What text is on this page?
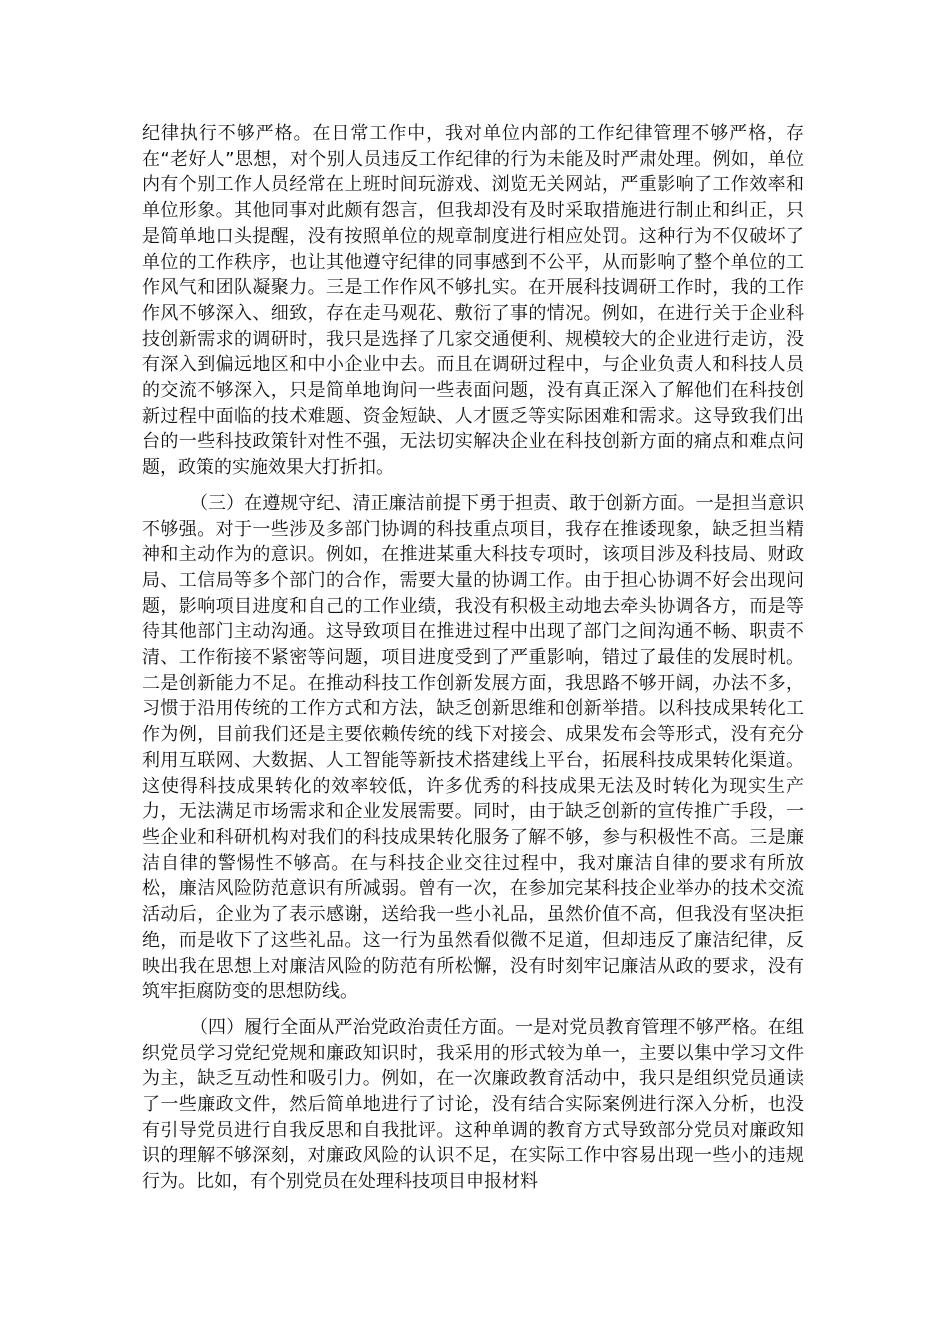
纪律执行不够严格。在日常工作中，我对单位内部的工作纪律管理不够严格，存在“老好人”思想，对个别人员违反工作纪律的行为未能及时严肃处理。例如，单位内有个别工作人员经常在上班时间玩游戏、浏览无关网站，严重影响了工作效率和单位形象。其他同事对此颇有怨言，但我却没有及时采取措施进行制止和纠正，只是简单地口头提醒，没有按照单位的规章制度进行相应处罚。这种行为不仅破坏了单位的工作秩序，也让其他遵守纪律的同事感到不公平，从而影响了整个单位的工作风气和团队凝聚力。三是工作作风不够扎实。在开展科技调研工作时，我的工作作风不够深入、细致，存在走马观花、敷衍了事的情况。例如，在进行关于企业科技创新需求的调研时，我只是选择了几家交通便利、规模较大的企业进行走访，没有深入到偏远地区和中小企业中去。而且在调研过程中，与企业负责人和科技人员的交流不够深入，只是简单地询问一些表面问题，没有真正深入了解他们在科技创新过程中面临的技术难题、资金短缺、人才匮乏等实际困难和需求。这导致我们出台的一些科技政策针对性不强，无法切实解决企业在科技创新方面的痛点和难点问题，政策的实施效果大打折扣。

（三）在遵规守纪、清正廉洁前提下勇于担责、敢于创新方面。一是担当意识不够强。对于一些涉及多部门协调的科技重点项目，我存在推诿现象，缺乏担当精神和主动作为的意识。例如，在推进某重大科技专项时，该项目涉及科技局、财政局、工信局等多个部门的合作，需要大量的协调工作。由于担心协调不好会出现问题，影响项目进度和自己的工作业绩，我没有积极主动地去牵头协调各方，而是等待其他部门主动沟通。这导致项目在推进过程中出现了部门之间沟通不畅、职责不清、工作衔接不紧密等问题，项目进度受到了严重影响，错过了最佳的发展时机。二是创新能力不足。在推动科技工作创新发展方面，我思路不够开阔，办法不多，习惯于沿用传统的工作方式和方法，缺乏创新思维和创新举措。以科技成果转化工作为例，目前我们还是主要依赖传统的线下对接会、成果发布会等形式，没有充分利用互联网、大数据、人工智能等新技术搭建线上平台，拓展科技成果转化渠道。这使得科技成果转化的效率较低，许多优秀的科技成果无法及时转化为现实生产力，无法满足市场需求和企业发展需要。同时，由于缺乏创新的宣传推广手段，一些企业和科研机构对我们的科技成果转化服务了解不够，参与积极性不高。三是廉洁自律的警惕性不够高。在与科技企业交往过程中，我对廉洁自律的要求有所放松，廉洁风险防范意识有所减弱。曾有一次，在参加完某科技企业举办的技术交流活动后，企业为了表示感谢，送给我一些小礼品，虽然价值不高，但我没有坚决拒绝，而是收下了这些礼品。这一行为虽然看似微不足道，但却违反了廉洁纪律，反映出我在思想上对廉洁风险的防范有所松懈，没有时刻牢记廉洁从政的要求，没有筑牢拒腐防变的思想防线。

（四）履行全面从严治党政治责任方面。一是对党员教育管理不够严格。在组织党员学习党纪党规和廉政知识时，我采用的形式较为单一，主要以集中学习文件为主，缺乏互动性和吸引力。例如，在一次廉政教育活动中，我只是组织党员通读了一些廉政文件，然后简单地进行了讨论，没有结合实际案例进行深入分析，也没有引导党员进行自我反思和自我批评。这种单调的教育方式导致部分党员对廉政知识的理解不够深刻，对廉政风险的认识不足，在实际工作中容易出现一些小的违规行为。比如，有个别党员在处理科技项目申报材料
